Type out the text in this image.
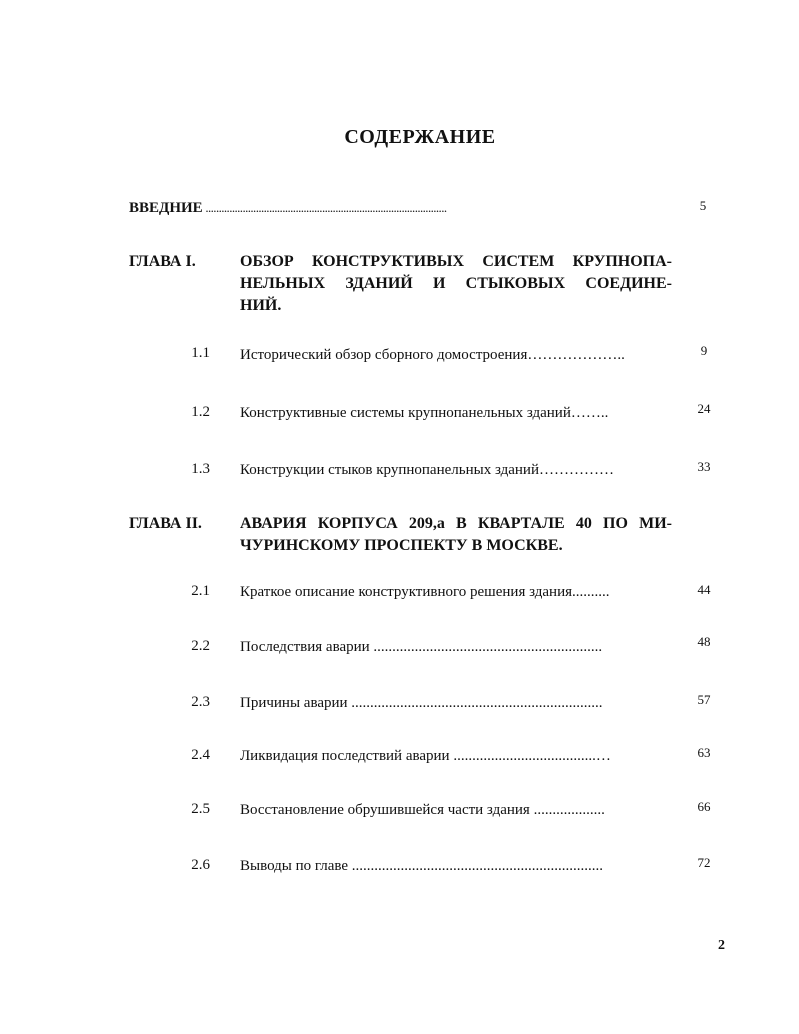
СОДЕРЖАНИЕ
ВВЕДНИЕ ...........................................................................................	5
ГЛАВА I.	ОБЗОР КОНСТРУКТИВЫХ СИСТЕМ КРУПНОПА-
НЕЛЬНЫХ ЗДАНИЙ И СТЫКОВЫХ СОЕДИНЕ-
НИЙ.
1.1 Исторический обзор сборного домостроения………………..	9
1.2 Конструктивные системы крупнопанельных зданий……..	24
1.3 Конструкции стыков крупнопанельных зданий……………	33
ГЛАВА II. АВАРИЯ КОРПУСА 209,а В КВАРТАЛЕ 40 ПО МИ-
ЧУРИНСКОМУ ПРОСПЕКТУ В МОСКВЕ.
2.1 Краткое описание конструктивного решения здания..........	44
2.2 Последствия аварии .............................................................	48
2.3 Причины аварии ...................................................................	57
2.4 Ликвидация последствий аварии ......................................…	63
2.5 Восстановление обрушившейся части здания ...................	66
2.6 Выводы по главе ...................................................................	72
2
